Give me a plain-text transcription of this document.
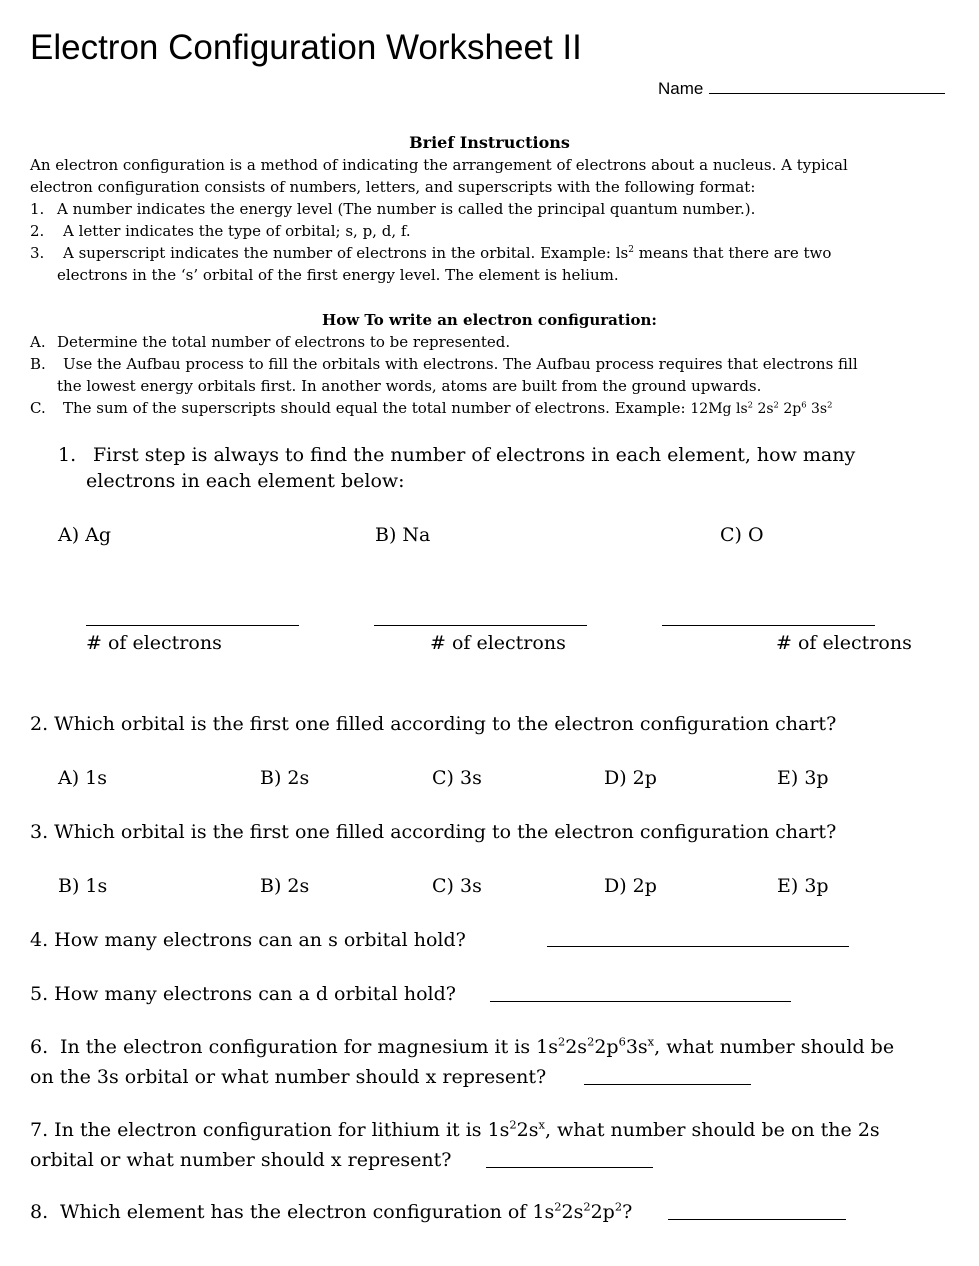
Electron Configuration Worksheet II
Name
Brief Instructions
An electron configuration is a method of indicating the arrangement of electrons about a nucleus. A typical
electron configuration consists of numbers, letters, and superscripts with the following format:
1. A number indicates the energy level (The number is called the principal quantum number.).
2. A letter indicates the type of orbital; s, p, d, f.
3. A superscript indicates the number of electrons in the orbital. Example: $ls^2$ means that there are two
electrons in the ‘s’ orbital of the first energy level. The element is helium.
How To write an electron configuration:
A. Determine the total number of electrons to be represented.
B. Use the Aufbau process to fill the orbitals with electrons. The Aufbau process requires that electrons fill
the lowest energy orbitals first. In another words, atoms are built from the ground upwards.
C. The sum of the superscripts should equal the total number of electrons. Example: 12Mg $ls^2$ $2s^2$ $2p^6$ $3s^2$
1. First step is always to find the number of electrons in each element, how many
electrons in each element below:
A) Ag	B) Na	C) O
# of electrons	# of electrons	# of electrons
2. Which orbital is the first one filled according to the electron configuration chart?
A) 1s	B) 2s	C) 3s	D) 2p	E) 3p
3. Which orbital is the first one filled according to the electron configuration chart?
B) 1s	B) 2s	C) 3s	D) 2p	E) 3p
4. How many electrons can an s orbital hold?
5. How many electrons can a d orbital hold?
6. In the electron configuration for magnesium it is $1s^22s^22p^63s^x$, what number should be
on the 3s orbital or what number should x represent?
7. In the electron configuration for lithium it is $1s^22s^x$, what number should be on the 2s
orbital or what number should x represent?
8. Which element has the electron configuration of $1s^22s^22p^2$?
